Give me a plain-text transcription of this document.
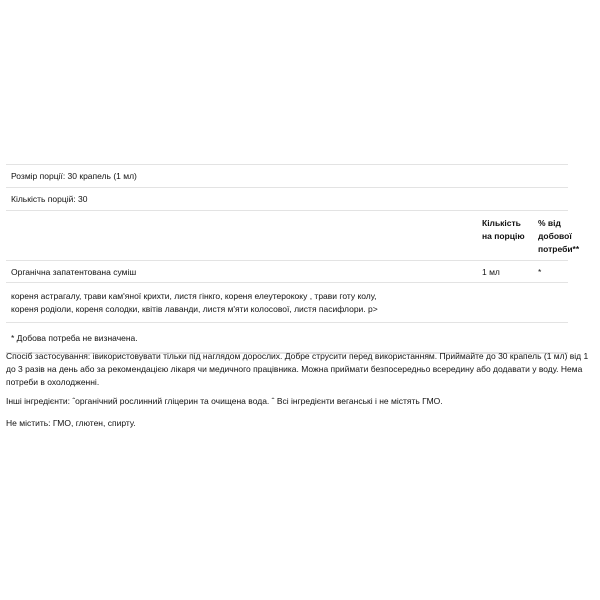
Розмір порції: 30 крапель (1 мл)
Кількість порцій: 30
Кількість на порцію
% від добової потреби**
Органічна запатентована суміш	1 мл	*
кореня астрагалу, трави кам'яної крихти, листя гінкго, кореня елеутерококу , трави готу колу,
кореня родіоли, кореня солодки, квітів лаванди, листя м'яти колосової, листя пасифлори. p>
* Добова потреба не визначена.
Спосіб застосування: івикористовувати тільки під наглядом дорослих. Добре струсити перед використанням. Приймайте до 30 крапель (1 мл) від 1 до 3 разів на день або за рекомендацією лікаря чи медичного працівника. Можна приймати безпосередньо всередину або додавати у воду. Нема потреби в охолодженні.
Інші інгредієнти: ˆорганічний рослинний гліцерин та очищена вода. ˆ Всі інгредієнти веганські і не містять ГМО.
Не містить: ГМО, глютен, спирту.
